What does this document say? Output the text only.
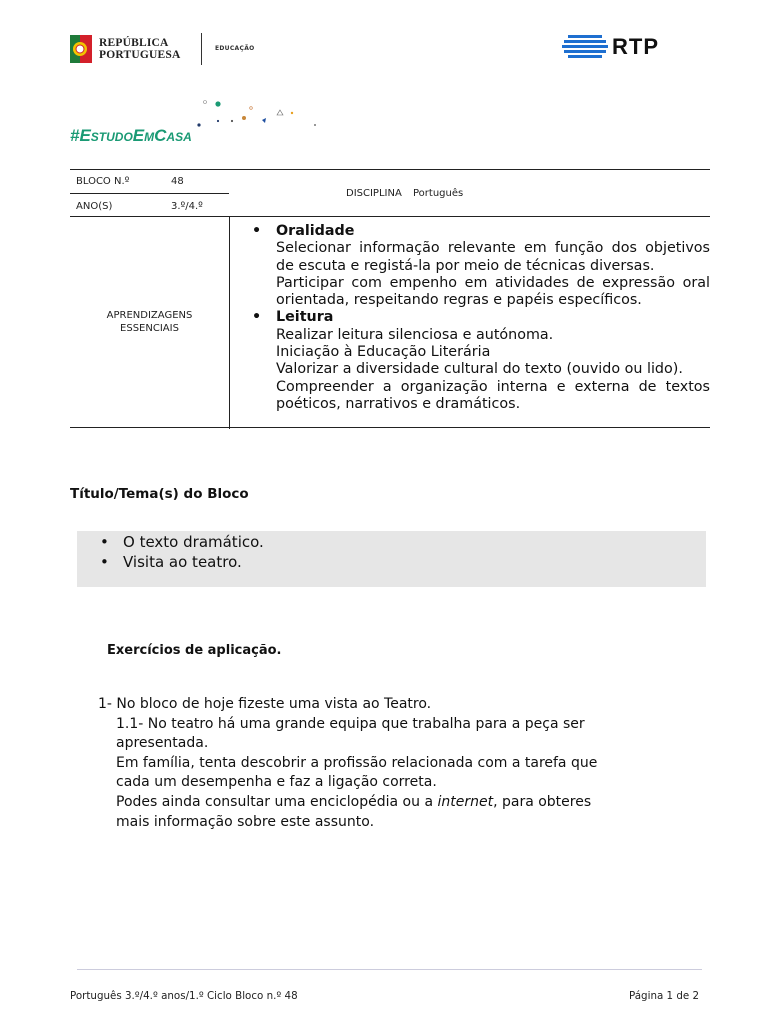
REPÚBLICA
PORTUGUESA
EDUCAÇÃO	RTP
#EstudoEmCasa
BLOCO N.º	48
ANO(S)	3.º/4.º
DISCIPLINA Português
APRENDIZAGENS
ESSENCIAIS
• Oralidade
Selecionar informação relevante em função dos objetivos de escuta e registá-la por meio de técnicas diversas.
Participar com empenho em atividades de expressão oral orientada, respeitando regras e papéis específicos.
• Leitura
Realizar leitura silenciosa e autónoma.
Iniciação à Educação Literária
Valorizar a diversidade cultural do texto (ouvido ou lido).
Compreender a organização interna e externa de textos poéticos, narrativos e dramáticos.
Título/Tema(s) do Bloco
• O texto dramático.
• Visita ao teatro.
Exercícios de aplicação.
1- No bloco de hoje fizeste uma vista ao Teatro.
1.1- No teatro há uma grande equipa que trabalha para a peça ser apresentada.
Em família, tenta descobrir a profissão relacionada com a tarefa que cada um desempenha e faz a ligação correta.
Podes ainda consultar uma enciclopédia ou a internet, para obteres mais informação sobre este assunto.
Português 3.º/4.º anos/1.º Ciclo Bloco n.º 48	Página 1 de 2
